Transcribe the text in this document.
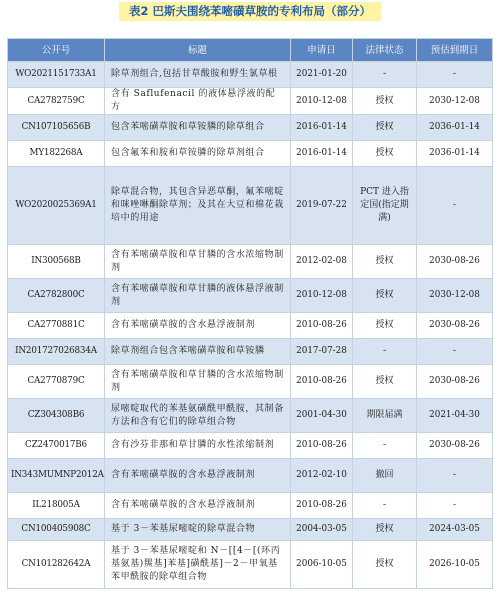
表2 巴斯夫围绕苯嘧磺草胺的专利布局（部分）
公开号	标题	申请日	法律状态	预估到期日
WO2021151733A1	除草剂组合,包括甘草酸胺和野生氯草根	2021-01-20	-	-
CA2782759C	含有 Saflufenacil 的液体悬浮液的配方	2010-12-08	授权	2030-12-08
CN107105656B	包含苯嘧磺草胺和草铵膦的除草组合	2016-01-14	授权	2036-01-14
MY182268A	包含氟苯和胺和草铵膦的除草剂组合	2016-01-14	授权	2036-01-14
WO2020025369A1	除草混合物，其包含异恶草酮，氟苯嘧啶和咪唑啉酮除草剂；及其在大豆和棉花栽培中的用途	2019-07-22	PCT 进入指定国(指定期满)	-
IN300568B	含有苯嘧磺草胺和草甘膦的含水浓缩物制剂	2012-02-08	授权	2030-08-26
CA2782800C	含有苯嘧磺草胺和草甘膦的液体悬浮液制剂	2010-12-08	授权	2030-12-08
CA2770881C	含有苯嘧磺草胺的含水悬浮液制剂	2010-08-26	授权	2030-08-26
IN201727026834A	除草剂组合包含苯嘧磺草胺和草铵膦	2017-07-28	-	-
CA2770879C	含有苯嘧磺草胺和草甘膦的含水浓缩物制剂	2010-08-26	授权	2030-08-26
CZ304308B6	尿嘧啶取代的苯基氨磺酰甲酰胺，其制备方法和含有它们的除草组合物	2001-04-30	期限届满	2021-04-30
CZ2470017B6	含有沙芬非那和草甘膦的水性浓缩制剂	2010-08-26	-	2030-08-26
IN343MUMNP2012A	含有苯嘧磺草胺的含水悬浮液制剂	2012-02-10	撤回	-
IL218005A	含有苯嘧磺草胺的含水悬浮液制剂	2010-08-26	-	-
CN100405908C	基于 3－苯基尿嘧啶的除草混合物	2004-03-05	授权	2024-03-05
CN101282642A	基于 3－苯基尿嘧啶和 N－[[4－[(环丙基氨基)羰基]苯基]磺酰基]－2－甲氧基苯甲酰胺的除草组合物	2006-10-05	授权	2026-10-05
